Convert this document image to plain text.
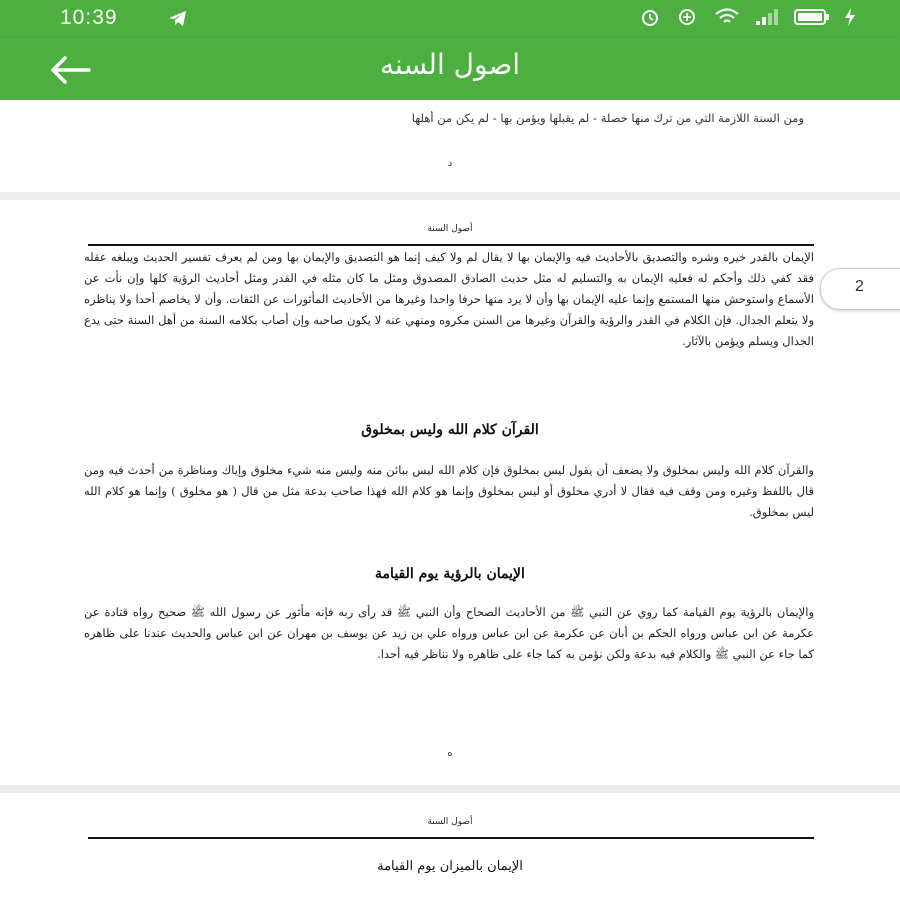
10:39
اصول السنه
ومن السنة اللازمة التي من ترك منها خصلة - لم يقبلها ويؤمن بها - لم يكن من أهلها
د
أصول السنة
الإيمان بالقدر خيره وشره والتصديق بالأحاديث فيه والإيمان بها لا يقال لم ولا كيف إنما هو التصديق والإيمان بها ومن لم يعرف تفسير الحديث ويبلغه عقله فقد كفي ذلك وأحكم له فعليه الإيمان به والتسليم له مثل حديث الصادق المصدوق ومثل ما كان مثله في القدر ومثل أحاديث الرؤية كلها وإن نأت عن الأسماع واستوحش منها المستمع وإنما عليه الإيمان بها وأن لا يرد منها حرفا واحدا وغيرها من الأحاديث المأثورات عن الثقات. وأن لا يخاصم أحدا ولا يناظره ولا يتعلم الجدال. فإن الكلام في القدر والرؤية والقرآن وغيرها من السنن مكروه ومنهي عنه لا يكون صاحبه وإن أصاب بكلامه السنة من أهل السنة حتى يدع الجدال ويسلم ويؤمن بالآثار.
القرآن كلام الله وليس بمخلوق
والقرآن كلام الله وليس بمخلوق ولا يضعف أن يقول ليس بمخلوق فإن كلام الله ليس ببائن منه وليس منه شيء مخلوق وإياك ومناظرة من أحدث فيه ومن قال باللفظ وغيره ومن وقف فيه فقال لا أدري مخلوق أو ليس بمخلوق وإنما هو كلام الله فهذا صاحب بدعة مثل من قال ( هو مخلوق ) وإنما هو كلام الله ليس بمخلوق.
الإيمان بالرؤية يوم القيامة
والإيمان بالرؤية يوم القيامة كما روي عن النبي ﷺ من الأحاديث الصحاح وأن النبي ﷺ قد رأى ربه فإنه مأثور عن رسول الله ﷺ صحيح رواه قتادة عن عكرمة عن ابن عباس ورواه الحكم بن أبان عن عكرمة عن ابن عباس ورواه علي بن زيد عن يوسف بن مهران عن ابن عباس والحديث عندنا على ظاهره كما جاء عن النبي ﷺ والكلام فيه بدعة ولكن نؤمن به كما جاء على ظاهره ولا نناظر فيه أحدا.
ه
أصول السنة
الإيمان بالميزان يوم القيامة
2
